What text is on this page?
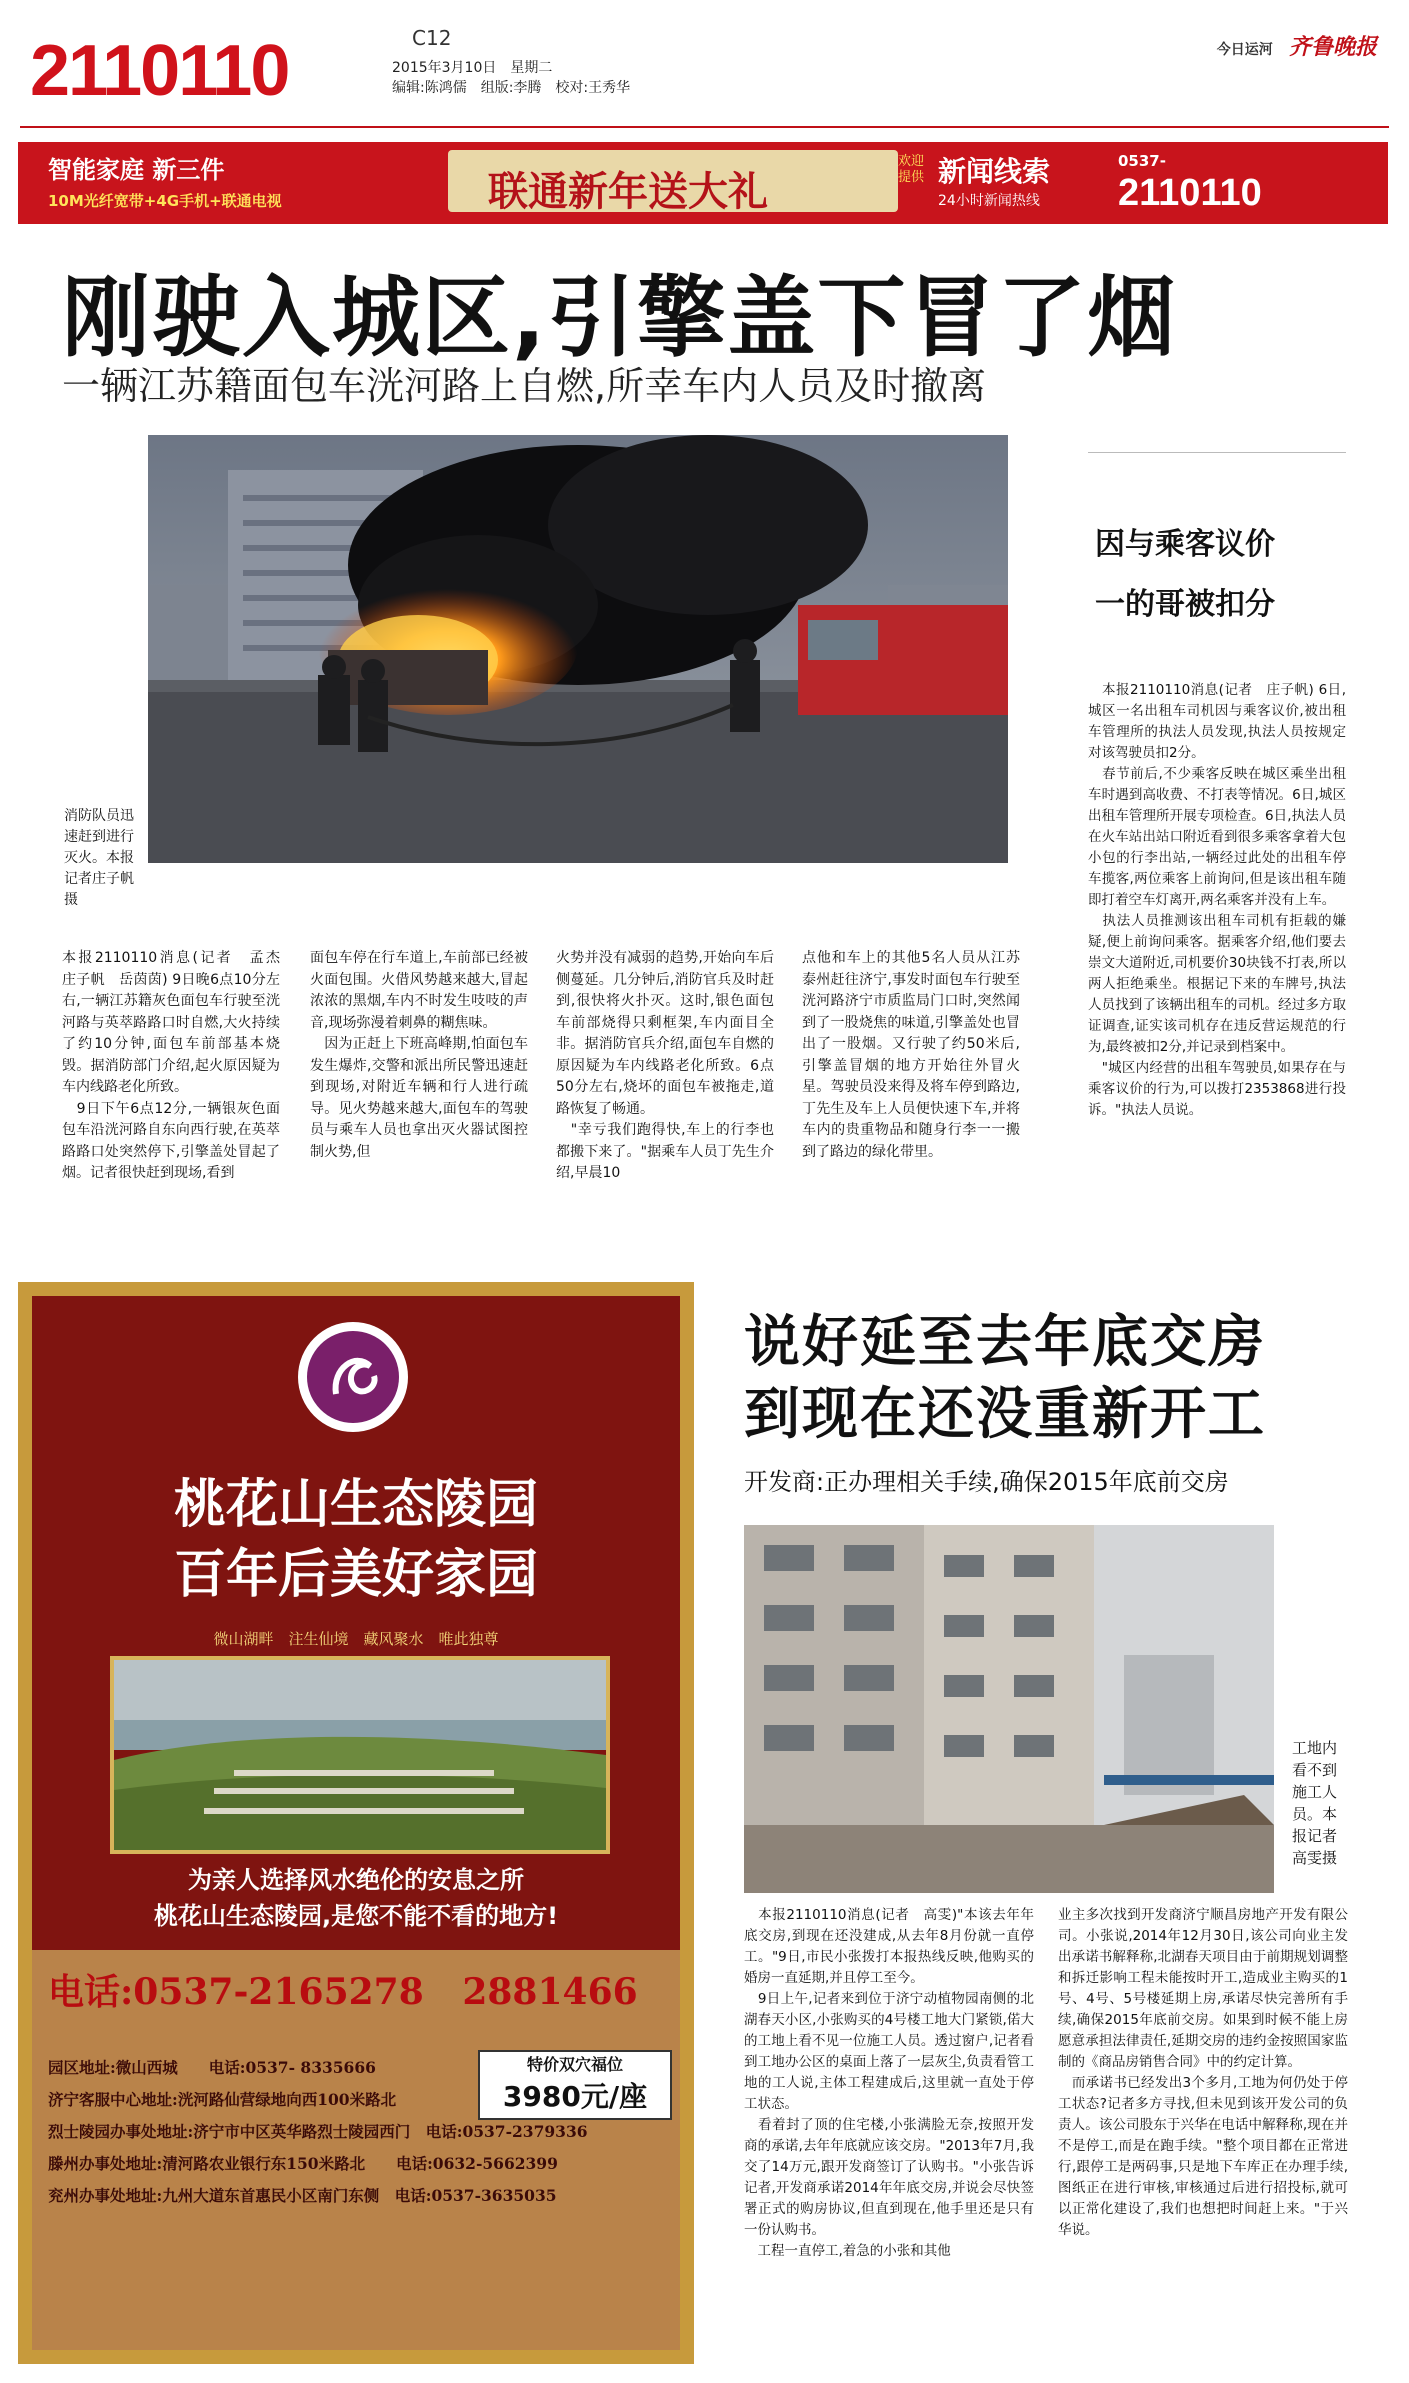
2110110	C12
2015年3月10日　星期二
编辑:陈鸿儒　组版:李腾　校对:王秀华
今日运河 齐鲁晚报
智能家庭 新三件
10M光纤宽带+4G手机+联通电视	联通新年送大礼
欢迎
提供 新闻线索
24小时新闻热线
0537-
2110110
刚驶入城区,引擎盖下冒了烟
一辆江苏籍面包车洸河路上自燃,所幸车内人员及时撤离
消防队员迅速赶到进行灭火。本报记者庄子帆摄
因与乘客议价
一的哥被扣分
　本报2110110消息(记者　庄子帆) 6日,城区一名出租车司机因与乘客议价,被出租车管理所的执法人员发现,执法人员按规定对该驾驶员扣2分。
　春节前后,不少乘客反映在城区乘坐出租车时遇到高收费、不打表等情况。6日,城区出租车管理所开展专项检查。6日,执法人员在火车站出站口附近看到很多乘客拿着大包小包的行李出站,一辆经过此处的出租车停车揽客,两位乘客上前询问,但是该出租车随即打着空车灯离开,两名乘客并没有上车。
　执法人员推测该出租车司机有拒载的嫌疑,便上前询问乘客。据乘客介绍,他们要去崇文大道附近,司机要价30块钱不打表,所以两人拒绝乘坐。根据记下来的车牌号,执法人员找到了该辆出租车的司机。经过多方取证调查,证实该司机存在违反营运规范的行为,最终被扣2分,并记录到档案中。
　"城区内经营的出租车驾驶员,如果存在与乘客议价的行为,可以拨打2353868进行投诉。"执法人员说。
本报2110110消息(记者　孟杰　庄子帆　岳茵茵) 9日晚6点10分左右,一辆江苏籍灰色面包车行驶至洸河路与英萃路路口时自燃,大火持续了约10分钟,面包车前部基本烧毁。据消防部门介绍,起火原因疑为车内线路老化所致。
　9日下午6点12分,一辆银灰色面包车沿洸河路自东向西行驶,在英萃路路口处突然停下,引擎盖处冒起了烟。记者很快赶到现场,看到
面包车停在行车道上,车前部已经被火面包围。火借风势越来越大,冒起浓浓的黑烟,车内不时发生吱吱的声音,现场弥漫着刺鼻的糊焦味。
　因为正赶上下班高峰期,怕面包车发生爆炸,交警和派出所民警迅速赶到现场,对附近车辆和行人进行疏导。见火势越来越大,面包车的驾驶员与乘车人员也拿出灭火器试图控制火势,但
火势并没有减弱的趋势,开始向车后侧蔓延。几分钟后,消防官兵及时赶到,很快将火扑灭。这时,银色面包车前部烧得只剩框架,车内面目全非。据消防官兵介绍,面包车自燃的原因疑为车内线路老化所致。6点50分左右,烧坏的面包车被拖走,道路恢复了畅通。
　"幸亏我们跑得快,车上的行李也都搬下来了。"据乘车人员丁先生介绍,早晨10
点他和车上的其他5名人员从江苏泰州赶往济宁,事发时面包车行驶至洸河路济宁市质监局门口时,突然闻到了一股烧焦的味道,引擎盖处也冒出了一股烟。又行驶了约50米后,引擎盖冒烟的地方开始往外冒火星。驾驶员没来得及将车停到路边,丁先生及车上人员便快速下车,并将车内的贵重物品和随身行李一一搬到了路边的绿化带里。
桃花山生态陵园
百年后美好家园
微山湖畔　注生仙境　藏风聚水　唯此独尊
为亲人选择风水绝伦的安息之所
桃花山生态陵园,是您不能不看的地方!
电话:0537-2165278 2881466
特价双穴福位
3980元/座
园区地址:微山西城　　电话:0537- 8335666
济宁客服中心地址:洸河路仙营绿地向西100米路北
烈士陵园办事处地址:济宁市中区英华路烈士陵园西门　电话:0537-2379336
滕州办事处地址:清河路农业银行东150米路北　　电话:0632-5662399
兖州办事处地址:九州大道东首惠民小区南门东侧　电话:0537-3635035
说好延至去年底交房
到现在还没重新开工
开发商:正办理相关手续,确保2015年底前交房
工地内看不到施工人员。本报记者高雯摄
　本报2110110消息(记者　高雯)"本该去年年底交房,到现在还没建成,从去年8月份就一直停工。"9日,市民小张拨打本报热线反映,他购买的婚房一直延期,并且停工至今。
　9日上午,记者来到位于济宁动植物园南侧的北湖春天小区,小张购买的4号楼工地大门紧锁,偌大的工地上看不见一位施工人员。透过窗户,记者看到工地办公区的桌面上落了一层灰尘,负责看管工地的工人说,主体工程建成后,这里就一直处于停工状态。
　看着封了顶的住宅楼,小张满脸无奈,按照开发商的承诺,去年年底就应该交房。"2013年7月,我交了14万元,跟开发商签订了认购书。"小张告诉记者,开发商承诺2014年年底交房,并说会尽快签署正式的购房协议,但直到现在,他手里还是只有一份认购书。
　工程一直停工,着急的小张和其他
业主多次找到开发商济宁顺昌房地产开发有限公司。小张说,2014年12月30日,该公司向业主发出承诺书解释称,北湖春天项目由于前期规划调整和拆迁影响工程未能按时开工,造成业主购买的1号、4号、5号楼延期上房,承诺尽快完善所有手续,确保2015年底前交房。如果到时候不能上房愿意承担法律责任,延期交房的违约金按照国家监制的《商品房销售合同》中的约定计算。
　而承诺书已经发出3个多月,工地为何仍处于停工状态?记者多方寻找,但未见到该开发公司的负责人。该公司股东于兴华在电话中解释称,现在并不是停工,而是在跑手续。"整个项目都在正常进行,跟停工是两码事,只是地下车库正在办理手续,图纸正在进行审核,审核通过后进行招投标,就可以正常化建设了,我们也想把时间赶上来。"于兴华说。
